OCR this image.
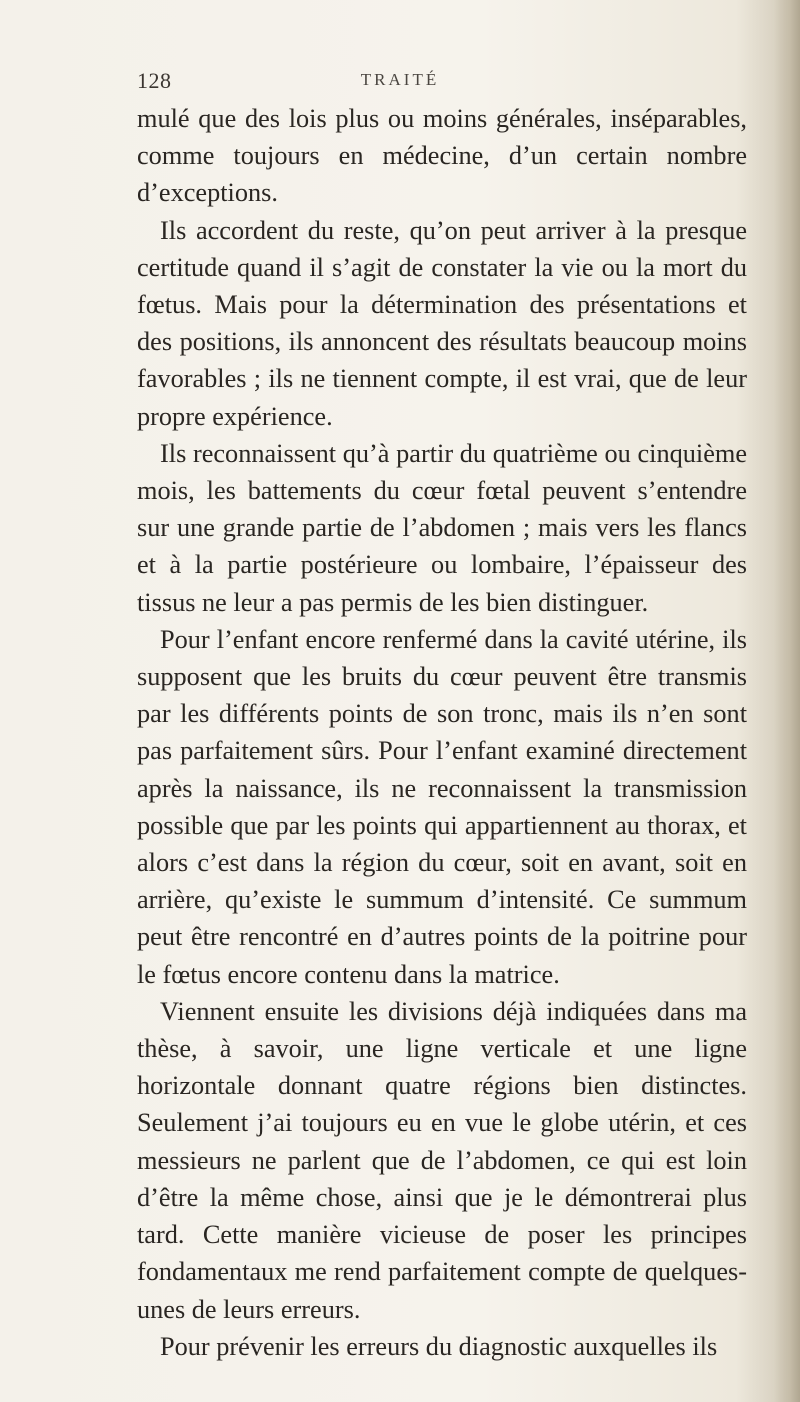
128	TRAITÉ

mulé que des lois plus ou moins générales, inséparables, comme toujours en médecine, d’un certain nombre d’exceptions.

Ils accordent du reste, qu’on peut arriver à la presque certitude quand il s’agit de constater la vie ou la mort du fœtus. Mais pour la détermination des présentations et des positions, ils annoncent des résultats beaucoup moins favorables ; ils ne tiennent compte, il est vrai, que de leur propre expérience.

Ils reconnaissent qu’à partir du quatrième ou cinquième mois, les battements du cœur fœtal peuvent s’entendre sur une grande partie de l’abdomen ; mais vers les flancs et à la partie postérieure ou lombaire, l’épaisseur des tissus ne leur a pas permis de les bien distinguer.

Pour l’enfant encore renfermé dans la cavité utérine, ils supposent que les bruits du cœur peuvent être transmis par les différents points de son tronc, mais ils n’en sont pas parfaitement sûrs. Pour l’enfant examiné directement après la naissance, ils ne reconnaissent la transmission possible que par les points qui appartiennent au thorax, et alors c’est dans la région du cœur, soit en avant, soit en arrière, qu’existe le summum d’intensité. Ce summum peut être rencontré en d’autres points de la poitrine pour le fœtus encore contenu dans la matrice.

Viennent ensuite les divisions déjà indiquées dans ma thèse, à savoir, une ligne verticale et une ligne horizontale donnant quatre régions bien distinctes. Seulement j’ai toujours eu en vue le globe utérin, et ces messieurs ne parlent que de l’abdomen, ce qui est loin d’être la même chose, ainsi que je le démontrerai plus tard. Cette manière vicieuse de poser les principes fondamentaux me rend parfaitement compte de quelques-unes de leurs erreurs.

Pour prévenir les erreurs du diagnostic auxquelles ils
